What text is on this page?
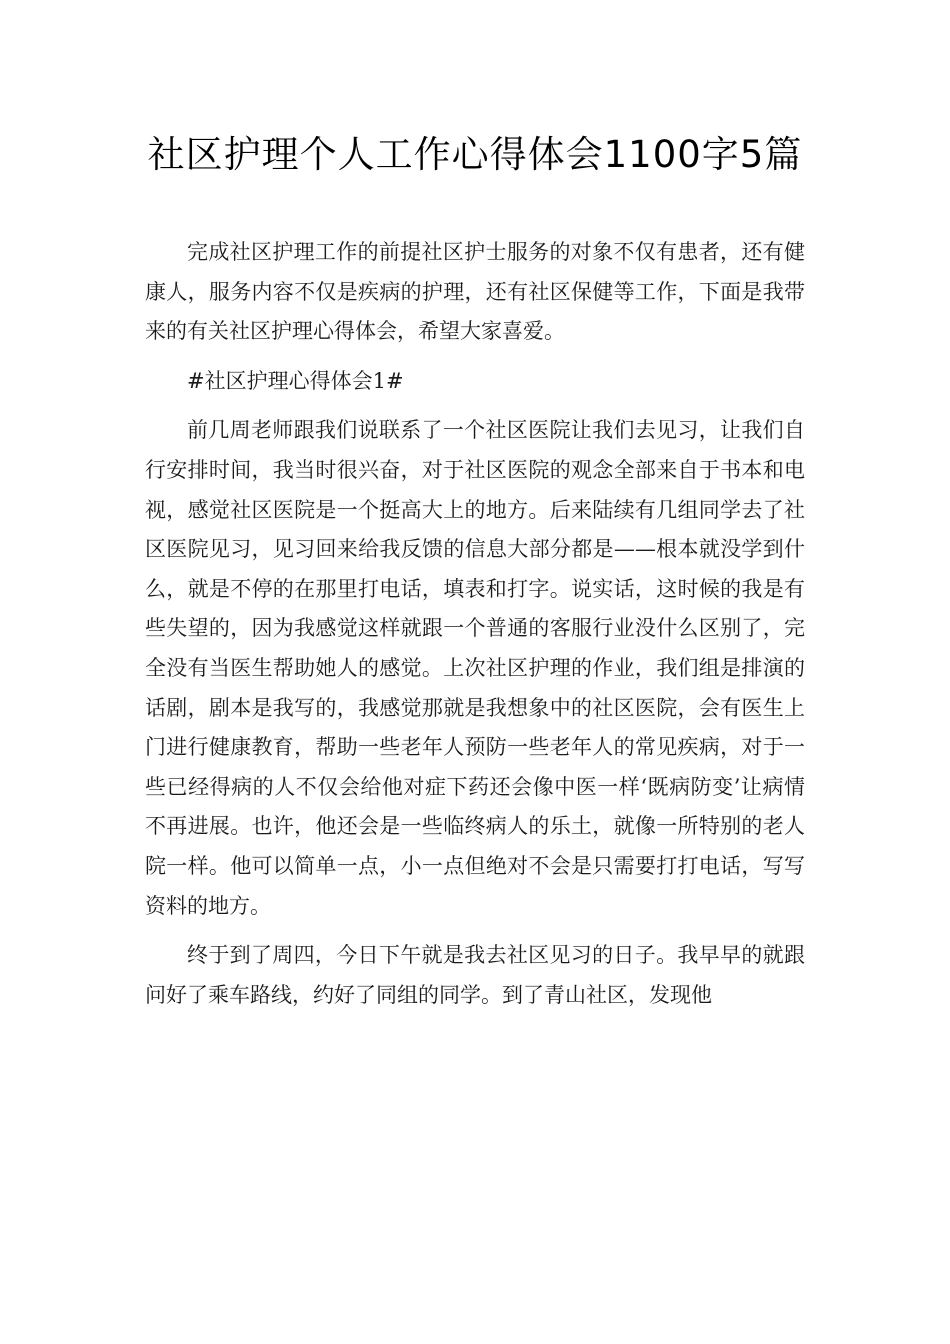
社区护理个人工作心得体会1100字5篇

完成社区护理工作的前提社区护士服务的对象不仅有患者，还有健康人，服务内容不仅是疾病的护理，还有社区保健等工作，下面是我带来的有关社区护理心得体会，希望大家喜爱。

#社区护理心得体会1#

前几周老师跟我们说联系了一个社区医院让我们去见习，让我们自行安排时间，我当时很兴奋，对于社区医院的观念全部来自于书本和电视，感觉社区医院是一个挺高大上的地方。后来陆续有几组同学去了社区医院见习，见习回来给我反馈的信息大部分都是——根本就没学到什么，就是不停的在那里打电话，填表和打字。说实话，这时候的我是有些失望的，因为我感觉这样就跟一个普通的客服行业没什么区别了，完全没有当医生帮助她人的感觉。上次社区护理的作业，我们组是排演的话剧，剧本是我写的，我感觉那就是我想象中的社区医院，会有医生上门进行健康教育，帮助一些老年人预防一些老年人的常见疾病，对于一些已经得病的人不仅会给他对症下药还会像中医一样‘既病防变’让病情不再进展。也许，他还会是一些临终病人的乐土，就像一所特别的老人院一样。他可以简单一点，小一点但绝对不会是只需要打打电话，写写资料的地方。

终于到了周四，今日下午就是我去社区见习的日子。我早早的就跟问好了乘车路线，约好了同组的同学。到了青山社区，发现他
